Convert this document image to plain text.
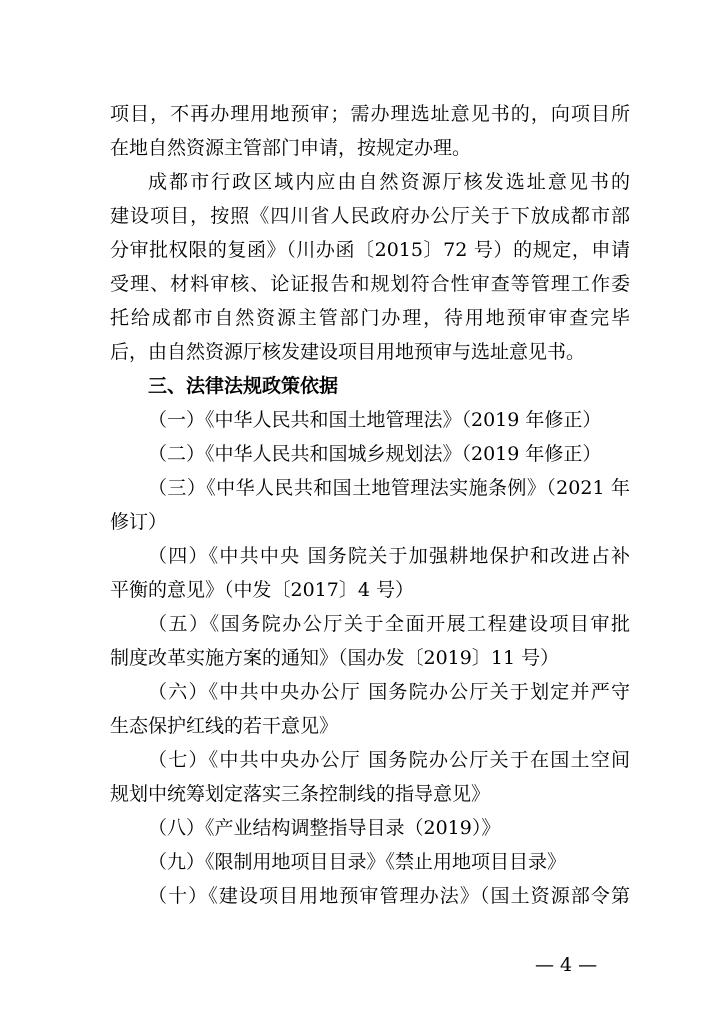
项目，不再办理用地预审；需办理选址意见书的，向项目所
在地自然资源主管部门申请，按规定办理。
成都市行政区域内应由自然资源厅核发选址意见书的
建设项目，按照《四川省人民政府办公厅关于下放成都市部
分审批权限的复函》（川办函〔2015〕72 号）的规定，申请
受理、材料审核、论证报告和规划符合性审查等管理工作委
托给成都市自然资源主管部门办理，待用地预审审查完毕
后，由自然资源厅核发建设项目用地预审与选址意见书。
三、法律法规政策依据
（一）《中华人民共和国土地管理法》（2019 年修正）
（二）《中华人民共和国城乡规划法》（2019 年修正）
（三）《中华人民共和国土地管理法实施条例》（2021 年
修订）
（四）《中共中央 国务院关于加强耕地保护和改进占补
平衡的意见》（中发〔2017〕4 号）
（五）《国务院办公厅关于全面开展工程建设项目审批
制度改革实施方案的通知》（国办发〔2019〕11 号）
（六）《中共中央办公厅 国务院办公厅关于划定并严守
生态保护红线的若干意见》
（七）《中共中央办公厅 国务院办公厅关于在国土空间
规划中统筹划定落实三条控制线的指导意见》
（八）《产业结构调整指导目录（2019）》
（九）《限制用地项目目录》《禁止用地项目目录》
（十）《建设项目用地预审管理办法》（国土资源部令第
— 4 —
